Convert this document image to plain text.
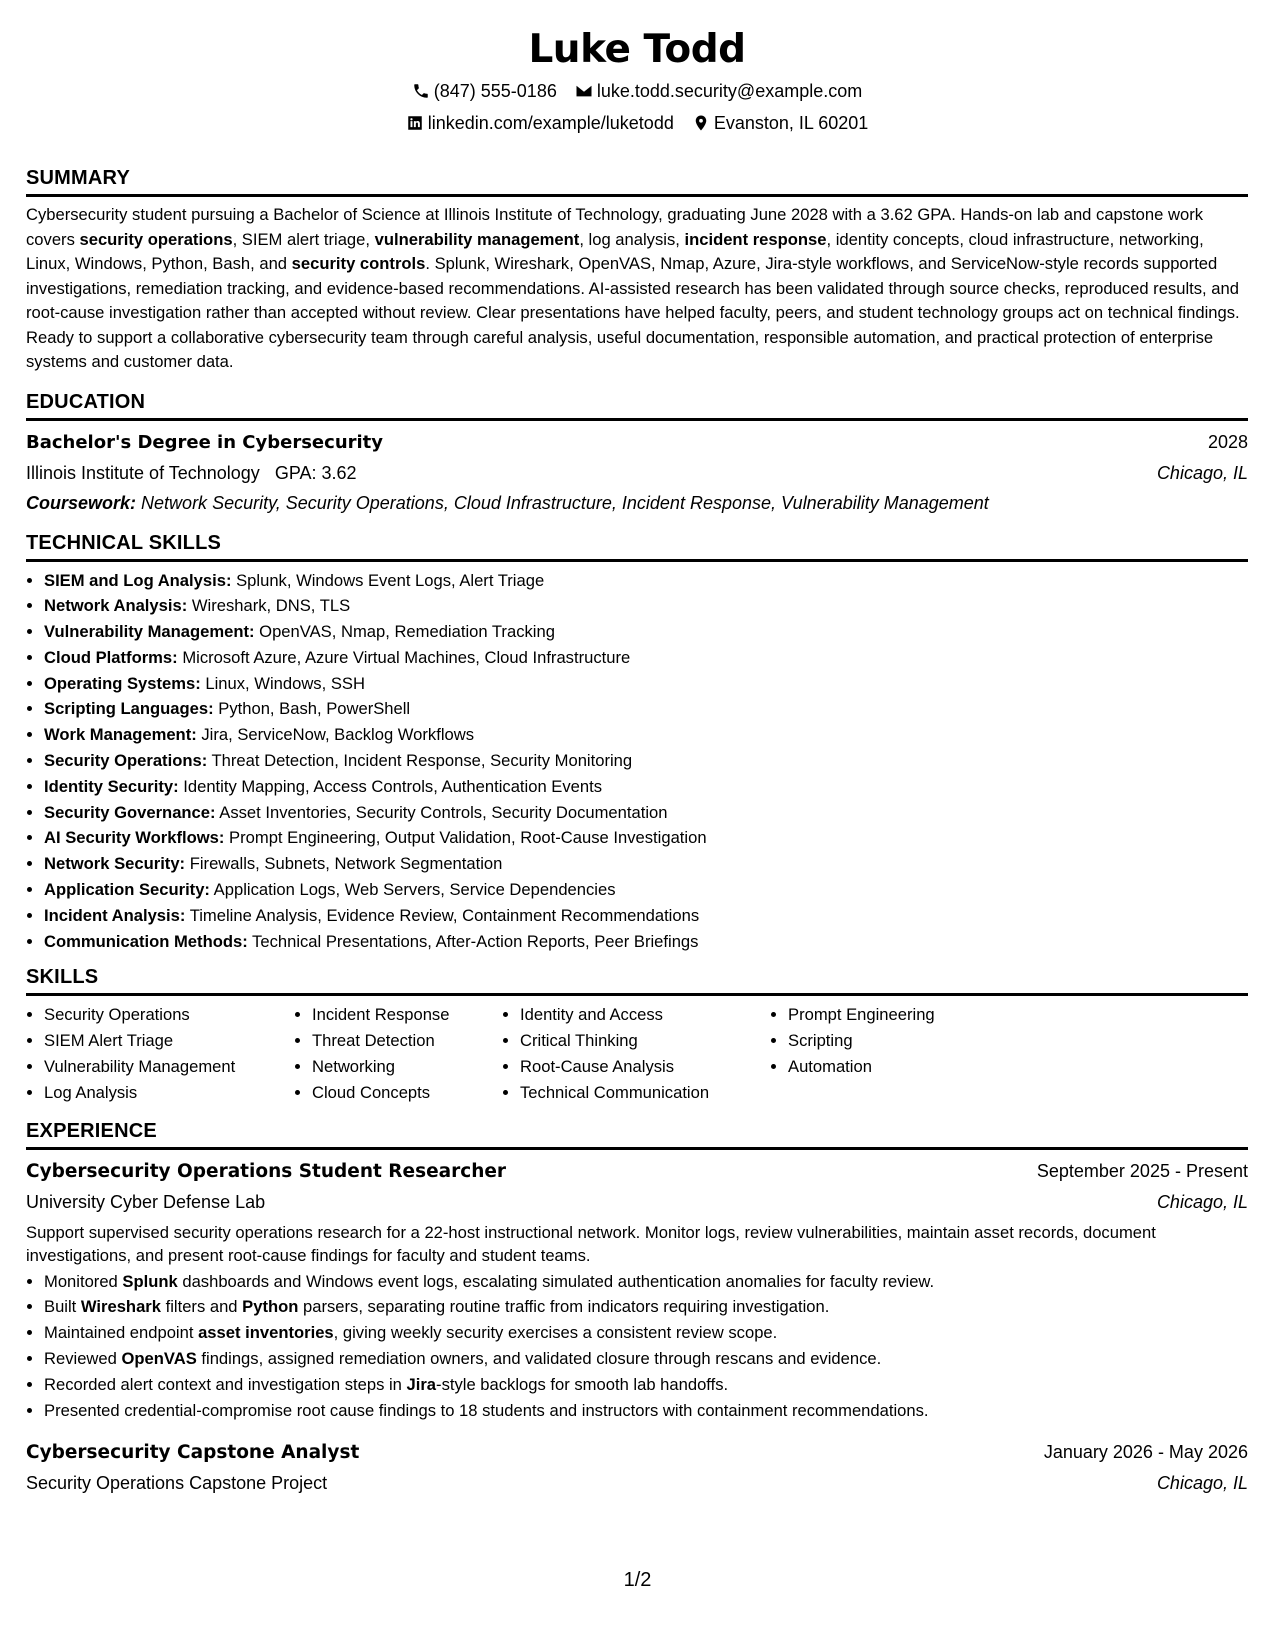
Luke Todd
(847) 555-0186 luke.todd.security@example.com
linkedin.com/example/luketodd Evanston, IL 60201
SUMMARY

Cybersecurity student pursuing a Bachelor of Science at Illinois Institute of Technology, graduating June 2028 with a 3.62 GPA. Hands-on lab and capstone work covers security operations, SIEM alert triage, vulnerability management, log analysis, incident response, identity concepts, cloud infrastructure, networking, Linux, Windows, Python, Bash, and security controls. Splunk, Wireshark, OpenVAS, Nmap, Azure, Jira-style workflows, and ServiceNow-style records supported investigations, remediation tracking, and evidence-based recommendations. AI-assisted research has been validated through source checks, reproduced results, and root-cause investigation rather than accepted without review. Clear presentations have helped faculty, peers, and student technology groups act on technical findings. Ready to support a collaborative cybersecurity team through careful analysis, useful documentation, responsible automation, and practical protection of enterprise systems and customer data.

EDUCATION
Bachelor's Degree in Cybersecurity	2028
Illinois Institute of Technology GPA: 3.62	Chicago, IL
Coursework: Network Security, Security Operations, Cloud Infrastructure, Incident Response, Vulnerability Management
TECHNICAL SKILLS
• SIEM and Log Analysis: Splunk, Windows Event Logs, Alert Triage
• Network Analysis: Wireshark, DNS, TLS
• Vulnerability Management: OpenVAS, Nmap, Remediation Tracking
• Cloud Platforms: Microsoft Azure, Azure Virtual Machines, Cloud Infrastructure
• Operating Systems: Linux, Windows, SSH
• Scripting Languages: Python, Bash, PowerShell
• Work Management: Jira, ServiceNow, Backlog Workflows
• Security Operations: Threat Detection, Incident Response, Security Monitoring
• Identity Security: Identity Mapping, Access Controls, Authentication Events
• Security Governance: Asset Inventories, Security Controls, Security Documentation
• AI Security Workflows: Prompt Engineering, Output Validation, Root-Cause Investigation
• Network Security: Firewalls, Subnets, Network Segmentation
• Application Security: Application Logs, Web Servers, Service Dependencies
• Incident Analysis: Timeline Analysis, Evidence Review, Containment Recommendations
• Communication Methods: Technical Presentations, After-Action Reports, Peer Briefings
SKILLS
• Security Operations
• SIEM Alert Triage
• Vulnerability Management
• Log Analysis
• Incident Response
• Threat Detection
• Networking
• Cloud Concepts
• Identity and Access
• Critical Thinking
• Root-Cause Analysis
• Technical Communication
• Prompt Engineering
• Scripting
• Automation
EXPERIENCE
Cybersecurity Operations Student Researcher	September 2025 - Present
University Cyber Defense Lab	Chicago, IL
Support supervised security operations research for a 22-host instructional network. Monitor logs, review vulnerabilities, maintain asset records, document investigations, and present root-cause findings for faculty and student teams.
• Monitored Splunk dashboards and Windows event logs, escalating simulated authentication anomalies for faculty review.
• Built Wireshark filters and Python parsers, separating routine traffic from indicators requiring investigation.
• Maintained endpoint asset inventories, giving weekly security exercises a consistent review scope.
• Reviewed OpenVAS findings, assigned remediation owners, and validated closure through rescans and evidence.
• Recorded alert context and investigation steps in Jira-style backlogs for smooth lab handoffs.
• Presented credential-compromise root cause findings to 18 students and instructors with containment recommendations.
Cybersecurity Capstone Analyst	January 2026 - May 2026
Security Operations Capstone Project	Chicago, IL
1/2
